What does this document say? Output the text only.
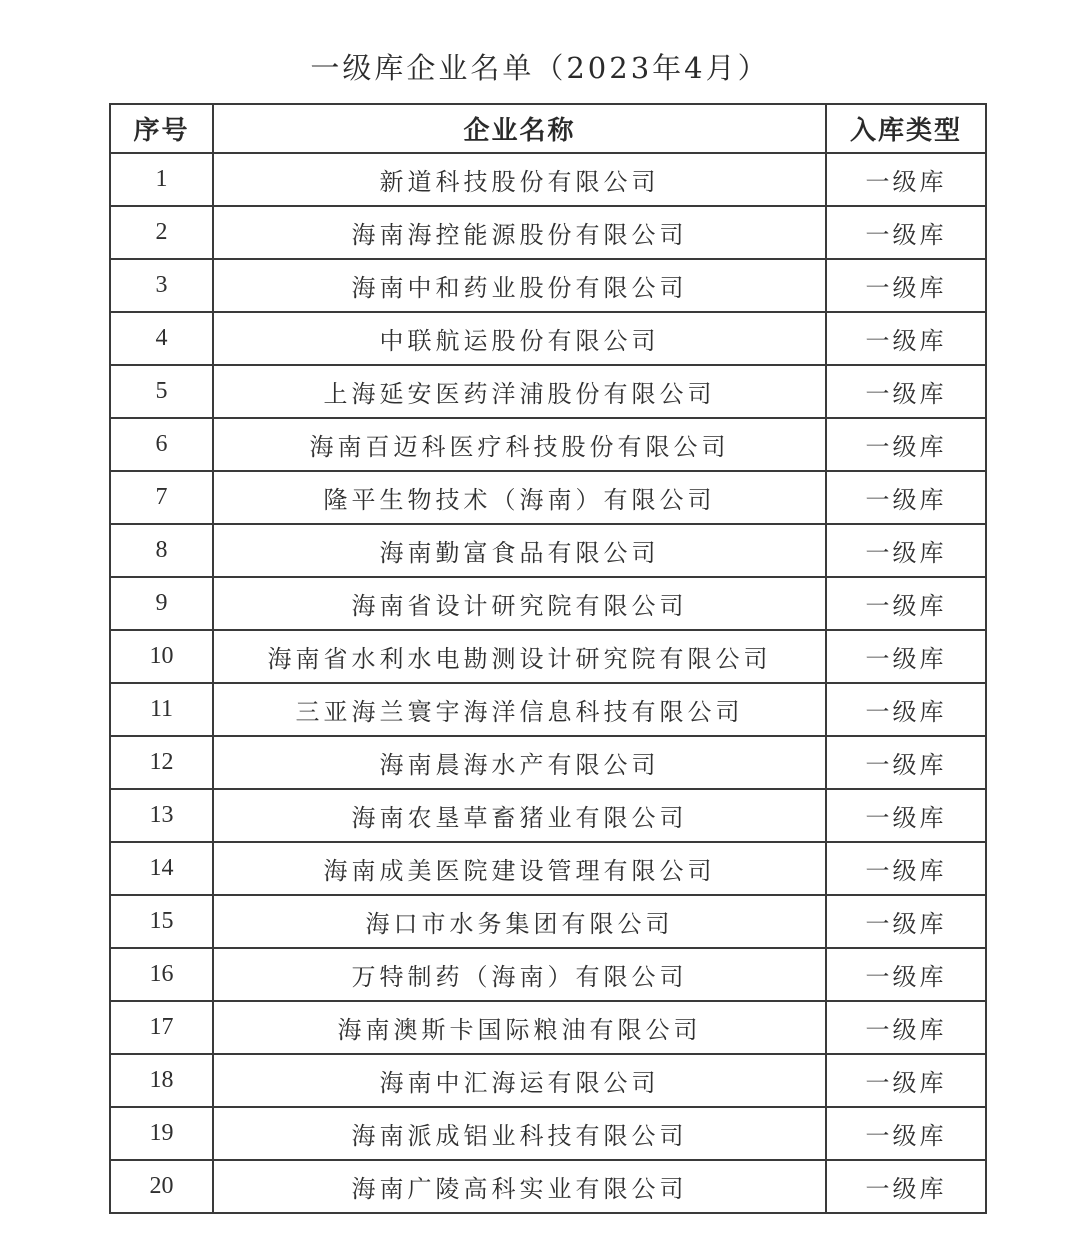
一级库企业名单（2023年4月）
序号	企业名称	入库类型
1	新道科技股份有限公司	一级库
2	海南海控能源股份有限公司	一级库
3	海南中和药业股份有限公司	一级库
4	中联航运股份有限公司	一级库
5	上海延安医药洋浦股份有限公司	一级库
6	海南百迈科医疗科技股份有限公司	一级库
7	隆平生物技术（海南）有限公司	一级库
8	海南勤富食品有限公司	一级库
9	海南省设计研究院有限公司	一级库
10	海南省水利水电勘测设计研究院有限公司	一级库
11	三亚海兰寰宇海洋信息科技有限公司	一级库
12	海南晨海水产有限公司	一级库
13	海南农垦草畜猪业有限公司	一级库
14	海南成美医院建设管理有限公司	一级库
15	海口市水务集团有限公司	一级库
16	万特制药（海南）有限公司	一级库
17	海南澳斯卡国际粮油有限公司	一级库
18	海南中汇海运有限公司	一级库
19	海南派成铝业科技有限公司	一级库
20	海南广陵高科实业有限公司	一级库
